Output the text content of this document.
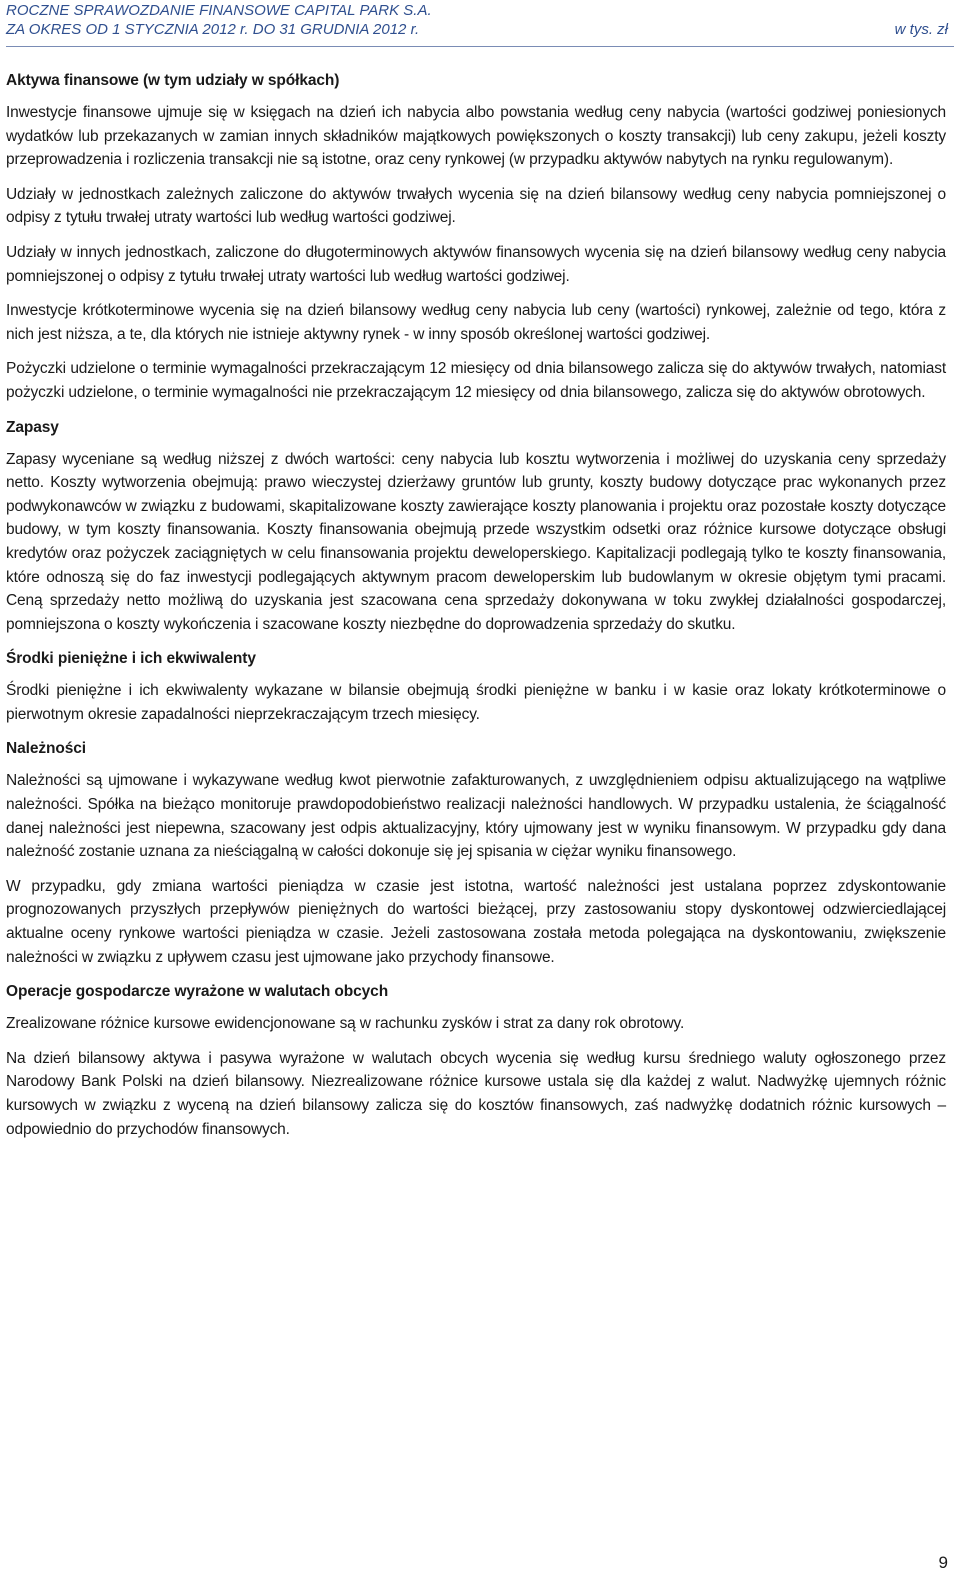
ROCZNE SPRAWOZDANIE FINANSOWE CAPITAL PARK S.A.
ZA OKRES OD 1 STYCZNIA 2012 r. DO 31 GRUDNIA 2012 r.	w tys. zł
Aktywa finansowe (w tym udziały w spółkach)

Inwestycje finansowe ujmuje się w księgach na dzień ich nabycia albo powstania według ceny nabycia (wartości godziwej poniesionych wydatków lub przekazanych w zamian innych składników majątkowych powiększonych o koszty transakcji) lub ceny zakupu, jeżeli koszty przeprowadzenia i rozliczenia transakcji nie są istotne, oraz ceny rynkowej (w przypadku aktywów nabytych na rynku regulowanym).

Udziały w jednostkach zależnych zaliczone do aktywów trwałych wycenia się na dzień bilansowy według ceny nabycia pomniejszonej o odpisy z tytułu trwałej utraty wartości lub według wartości godziwej.

Udziały w innych jednostkach, zaliczone do długoterminowych aktywów finansowych wycenia się na dzień bilansowy według ceny nabycia pomniejszonej o odpisy z tytułu trwałej utraty wartości lub według wartości godziwej.

Inwestycje krótkoterminowe wycenia się na dzień bilansowy według ceny nabycia lub ceny (wartości) rynkowej, zależnie od tego, która z nich jest niższa, a te, dla których nie istnieje aktywny rynek - w inny sposób określonej wartości godziwej.

Pożyczki udzielone o terminie wymagalności przekraczającym 12 miesięcy od dnia bilansowego zalicza się do aktywów trwałych, natomiast pożyczki udzielone, o terminie wymagalności nie przekraczającym 12 miesięcy od dnia bilansowego, zalicza się do aktywów obrotowych.

Zapasy

Zapasy wyceniane są według niższej z dwóch wartości: ceny nabycia lub kosztu wytworzenia i możliwej do uzyskania ceny sprzedaży netto. Koszty wytworzenia obejmują: prawo wieczystej dzierżawy gruntów lub grunty, koszty budowy dotyczące prac wykonanych przez podwykonawców w związku z budowami, skapitalizowane koszty zawierające koszty planowania i projektu oraz pozostałe koszty dotyczące budowy, w tym koszty finansowania. Koszty finansowania obejmują przede wszystkim odsetki oraz różnice kursowe dotyczące obsługi kredytów oraz pożyczek zaciągniętych w celu finansowania projektu deweloperskiego. Kapitalizacji podlegają tylko te koszty finansowania, które odnoszą się do faz inwestycji podlegających aktywnym pracom deweloperskim lub budowlanym w okresie objętym tymi pracami. Ceną sprzedaży netto możliwą do uzyskania jest szacowana cena sprzedaży dokonywana w toku zwykłej działalności gospodarczej, pomniejszona o koszty wykończenia i szacowane koszty niezbędne do doprowadzenia sprzedaży do skutku.

Środki pieniężne i ich ekwiwalenty

Środki pieniężne i ich ekwiwalenty wykazane w bilansie obejmują środki pieniężne w banku i w kasie oraz lokaty krótkoterminowe o pierwotnym okresie zapadalności nieprzekraczającym trzech miesięcy.

Należności

Należności są ujmowane i wykazywane według kwot pierwotnie zafakturowanych, z uwzględnieniem odpisu aktualizującego na wątpliwe należności. Spółka na bieżąco monitoruje prawdopodobieństwo realizacji należności handlowych. W przypadku ustalenia, że ściągalność danej należności jest niepewna, szacowany jest odpis aktualizacyjny, który ujmowany jest w wyniku finansowym. W przypadku gdy dana należność zostanie uznana za nieściągalną w całości dokonuje się jej spisania w ciężar wyniku finansowego.

W przypadku, gdy zmiana wartości pieniądza w czasie jest istotna, wartość należności jest ustalana poprzez zdyskontowanie prognozowanych przyszłych przepływów pieniężnych do wartości bieżącej, przy zastosowaniu stopy dyskontowej odzwierciedlającej aktualne oceny rynkowe wartości pieniądza w czasie. Jeżeli zastosowana została metoda polegająca na dyskontowaniu, zwiększenie należności w związku z upływem czasu jest ujmowane jako przychody finansowe.

Operacje gospodarcze wyrażone w walutach obcych

Zrealizowane różnice kursowe ewidencjonowane są w rachunku zysków i strat za dany rok obrotowy.

Na dzień bilansowy aktywa i pasywa wyrażone w walutach obcych wycenia się według kursu średniego waluty ogłoszonego przez Narodowy Bank Polski na dzień bilansowy. Niezrealizowane różnice kursowe ustala się dla każdej z walut. Nadwyżkę ujemnych różnic kursowych w związku z wyceną na dzień bilansowy zalicza się do kosztów finansowych, zaś nadwyżkę dodatnich różnic kursowych – odpowiednio do przychodów finansowych.

9
